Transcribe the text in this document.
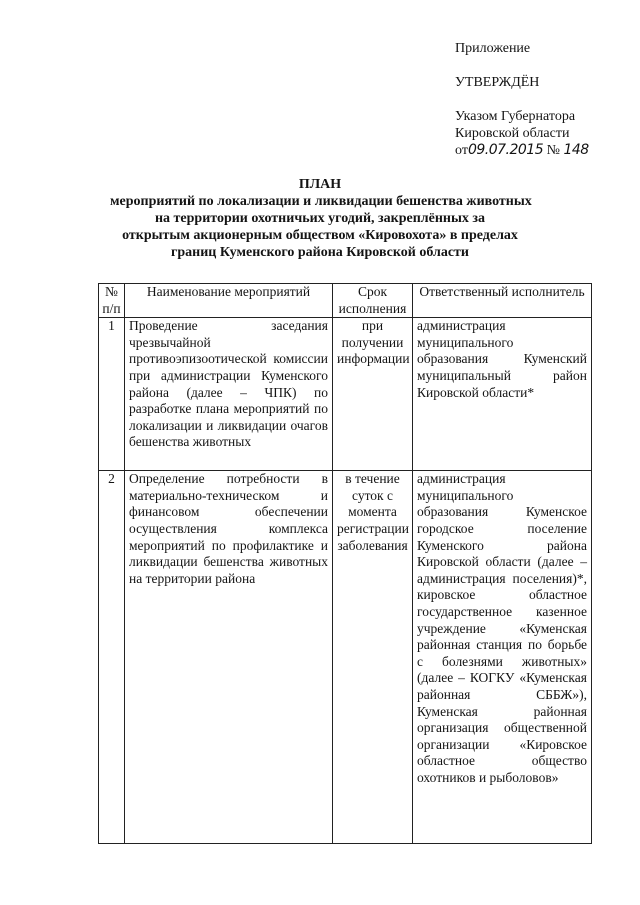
Приложение
УТВЕРЖДЁН
Указом Губернатора
Кировской области
от09.07.2015 № 148
ПЛАН
мероприятий по локализации и ликвидации бешенства животных
на территории охотничьих угодий, закреплённых за
открытым акционерным обществом «Кировохота» в пределах
границ Куменского района Кировской области
№ п/п	Наименование мероприятий	Срок исполнения	Ответственный исполнитель
1	Проведение заседания чрезвычайной противоэпизоотической комиссии при администрации Куменского района (далее – ЧПК) по разработке плана мероприятий по локализации и ликвидации очагов бешенства животных	при получении информации	администрация муниципального образования Куменский муниципальный район Кировской области*
2	Определение потребности в материально-техническом и финансовом обеспечении осуществления комплекса мероприятий по профилактике и ликвидации бешенства животных на территории района	в течение суток с момента регистрации заболевания	администрация муниципального образования Куменское городское поселение Куменского района Кировской области (далее – администрация поселения)*, кировское областное государственное казенное учреждение «Куменская районная станция по борьбе с болезнями животных» (далее – КОГКУ «Куменская районная СББЖ»), Куменская районная организация общественной организации «Кировское областное общество охотников и рыболовов»
